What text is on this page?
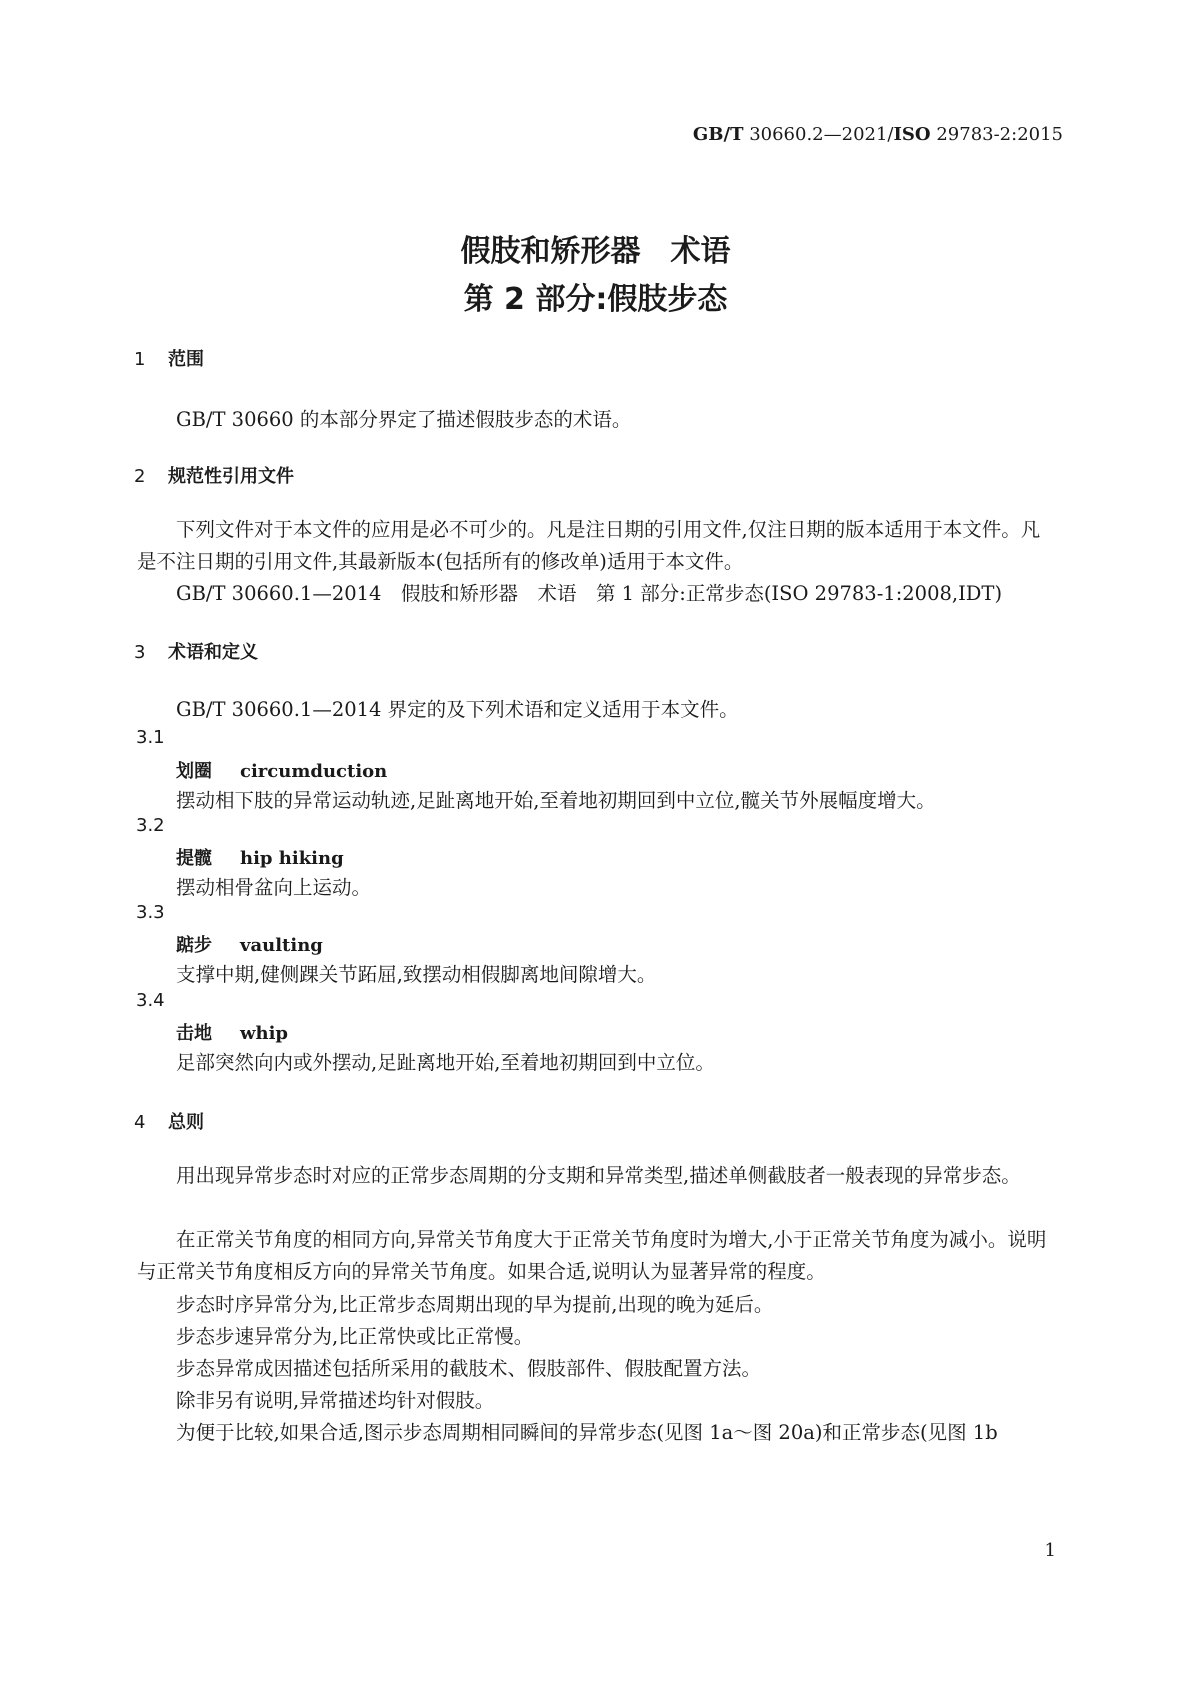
GB/T 30660.2—2021/ISO 29783-2:2015
假肢和矫形器　术语
第 2 部分:假肢步态
1 范围
GB/T 30660 的本部分界定了描述假肢步态的术语。
2 规范性引用文件
下列文件对于本文件的应用是必不可少的。凡是注日期的引用文件,仅注日期的版本适用于本文件。凡是不注日期的引用文件,其最新版本(包括所有的修改单)适用于本文件。
GB/T 30660.1—2014　假肢和矫形器　术语　第 1 部分:正常步态(ISO 29783-1:2008,IDT)
3 术语和定义
GB/T 30660.1—2014 界定的及下列术语和定义适用于本文件。
3.1
划圈 circumduction
摆动相下肢的异常运动轨迹,足趾离地开始,至着地初期回到中立位,髋关节外展幅度增大。
3.2
提髋 hip hiking
摆动相骨盆向上运动。
3.3
踮步 vaulting
支撑中期,健侧踝关节跖屈,致摆动相假脚离地间隙增大。
3.4
击地 whip
足部突然向内或外摆动,足趾离地开始,至着地初期回到中立位。
4 总则
用出现异常步态时对应的正常步态周期的分支期和异常类型,描述单侧截肢者一般表现的异常步态。
在正常关节角度的相同方向,异常关节角度大于正常关节角度时为增大,小于正常关节角度为减小。说明与正常关节角度相反方向的异常关节角度。如果合适,说明认为显著异常的程度。
步态时序异常分为,比正常步态周期出现的早为提前,出现的晚为延后。
步态步速异常分为,比正常快或比正常慢。
步态异常成因描述包括所采用的截肢术、假肢部件、假肢配置方法。
除非另有说明,异常描述均针对假肢。
为便于比较,如果合适,图示步态周期相同瞬间的异常步态(见图 1a～图 20a)和正常步态(见图 1b
1
